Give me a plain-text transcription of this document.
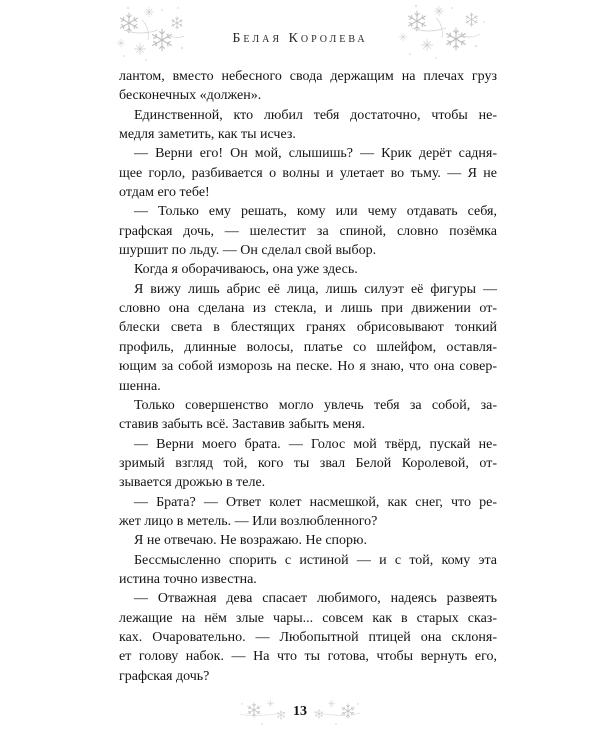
Белая Королева
лантом, вместо небесного свода держащим на плечах груз
бесконечных «должен».
Единственной, кто любил тебя достаточно, чтобы не-
медля заметить, как ты исчез.
— Верни его! Он мой, слышишь? — Крик дерёт садня-
щее горло, разбивается о волны и улетает во тьму. — Я не
отдам его тебе!
— Только ему решать, кому или чему отдавать себя,
графская дочь, — шелестит за спиной, словно позёмка
шуршит по льду. — Он сделал свой выбор.
Когда я оборачиваюсь, она уже здесь.
Я вижу лишь абрис её лица, лишь силуэт её фигуры —
словно она сделана из стекла, и лишь при движении от-
блески света в блестящих гранях обрисовывают тонкий
профиль, длинные волосы, платье со шлейфом, оставля-
ющим за собой изморозь на песке. Но я знаю, что она совер-
шенна.
Только совершенство могло увлечь тебя за собой, за-
ставив забыть всё. Заставив забыть меня.
— Верни моего брата. — Голос мой твёрд, пускай не-
зримый взгляд той, кого ты звал Белой Королевой, от-
зывается дрожью в теле.
— Брата? — Ответ колет насмешкой, как снег, что ре-
жет лицо в метель. — Или возлюбленного?
Я не отвечаю. Не возражаю. Не спорю.
Бессмысленно спорить с истиной — и с той, кому эта
истина точно известна.
— Отважная дева спасает любимого, надеясь развеять
лежащие на нём злые чары... совсем как в старых сказ-
ках. Очаровательно. — Любопытной птицей она склоня-
ет голову набок. — На что ты готова, чтобы вернуть его,
графская дочь?
13
